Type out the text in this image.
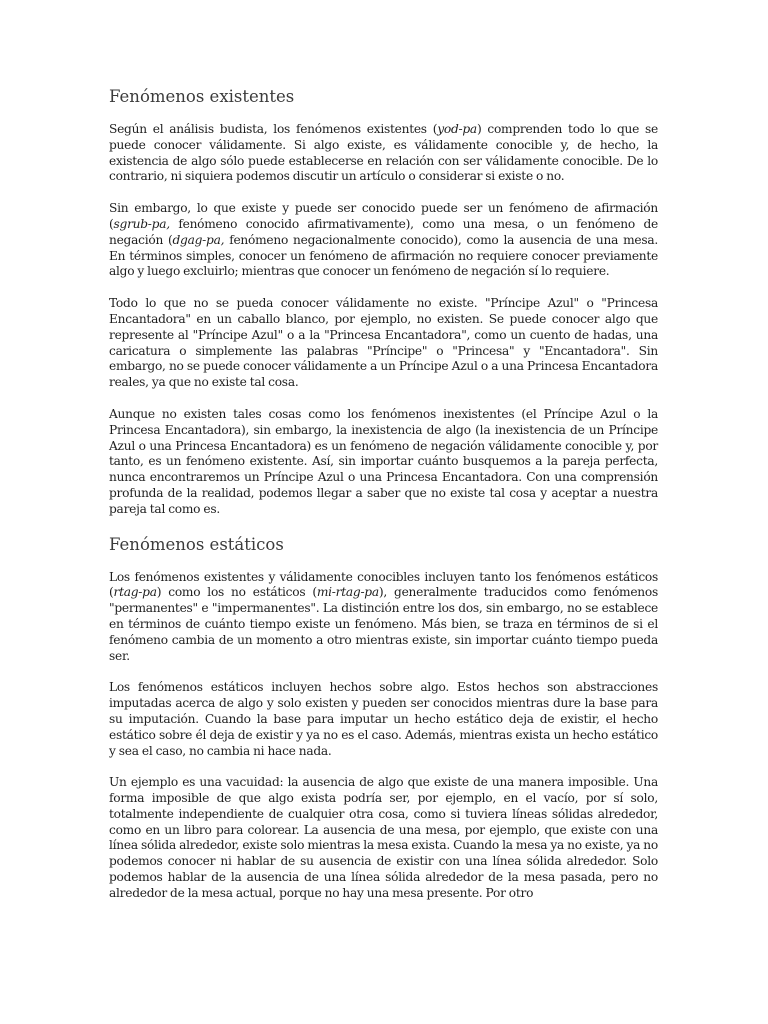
Fenómenos existentes

Según el análisis budista, los fenómenos existentes (yod-pa) comprenden todo lo que se puede conocer válidamente. Si algo existe, es válidamente conocible y, de hecho, la existencia de algo sólo puede establecerse en relación con ser válidamente conocible. De lo contrario, ni siquiera podemos discutir un artículo o considerar si existe o no.

Sin embargo, lo que existe y puede ser conocido puede ser un fenómeno de afirmación (sgrub-pa, fenómeno conocido afirmativamente), como una mesa, o un fenómeno de negación (dgag-pa, fenómeno negacionalmente conocido), como la ausencia de una mesa. En términos simples, conocer un fenómeno de afirmación no requiere conocer previamente algo y luego excluirlo; mientras que conocer un fenómeno de negación sí lo requiere.

Todo lo que no se pueda conocer válidamente no existe. "Príncipe Azul" o "Princesa Encantadora" en un caballo blanco, por ejemplo, no existen. Se puede conocer algo que represente al "Príncipe Azul" o a la "Princesa Encantadora", como un cuento de hadas, una caricatura o simplemente las palabras "Príncipe" o "Princesa" y "Encantadora". Sin embargo, no se puede conocer válidamente a un Príncipe Azul o a una Princesa Encantadora reales, ya que no existe tal cosa.

Aunque no existen tales cosas como los fenómenos inexistentes (el Príncipe Azul o la Princesa Encantadora), sin embargo, la inexistencia de algo (la inexistencia de un Príncipe Azul o una Princesa Encantadora) es un fenómeno de negación válidamente conocible y, por tanto, es un fenómeno existente. Así, sin importar cuánto busquemos a la pareja perfecta, nunca encontraremos un Príncipe Azul o una Princesa Encantadora. Con una comprensión profunda de la realidad, podemos llegar a saber que no existe tal cosa y aceptar a nuestra pareja tal como es.

Fenómenos estáticos

Los fenómenos existentes y válidamente conocibles incluyen tanto los fenómenos estáticos (rtag-pa) como los no estáticos (mi-rtag-pa), generalmente traducidos como fenómenos "permanentes" e "impermanentes". La distinción entre los dos, sin embargo, no se establece en términos de cuánto tiempo existe un fenómeno. Más bien, se traza en términos de si el fenómeno cambia de un momento a otro mientras existe, sin importar cuánto tiempo pueda ser.

Los fenómenos estáticos incluyen hechos sobre algo. Estos hechos son abstracciones imputadas acerca de algo y solo existen y pueden ser conocidos mientras dure la base para su imputación. Cuando la base para imputar un hecho estático deja de existir, el hecho estático sobre él deja de existir y ya no es el caso. Además, mientras exista un hecho estático y sea el caso, no cambia ni hace nada.

Un ejemplo es una vacuidad: la ausencia de algo que existe de una manera imposible. Una forma imposible de que algo exista podría ser, por ejemplo, en el vacío, por sí solo, totalmente independiente de cualquier otra cosa, como si tuviera líneas sólidas alrededor, como en un libro para colorear. La ausencia de una mesa, por ejemplo, que existe con una línea sólida alrededor, existe solo mientras la mesa exista. Cuando la mesa ya no existe, ya no podemos conocer ni hablar de su ausencia de existir con una línea sólida alrededor. Solo podemos hablar de la ausencia de una línea sólida alrededor de la mesa pasada, pero no alrededor de la mesa actual, porque no hay una mesa presente. Por otro
